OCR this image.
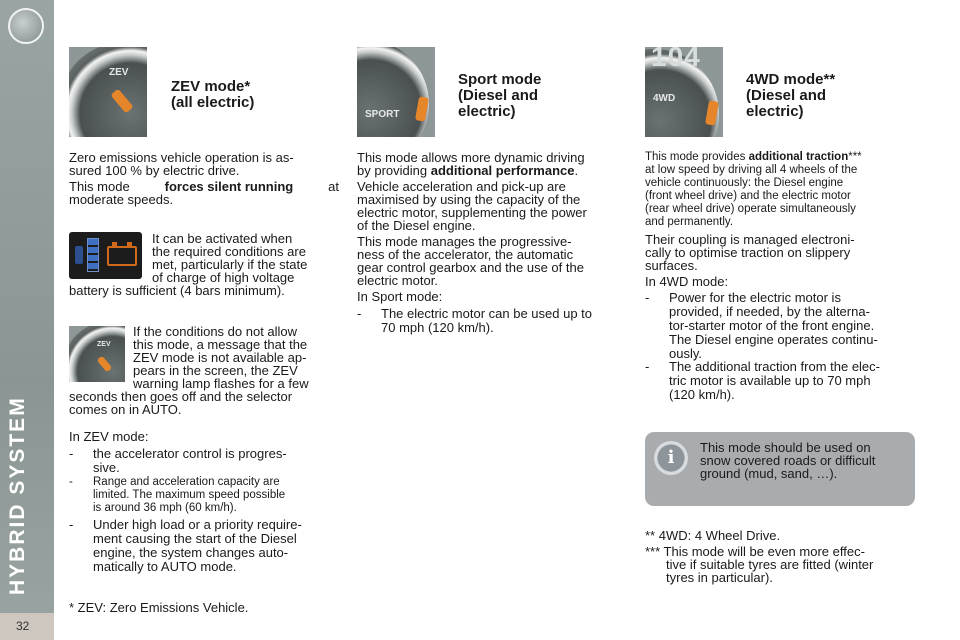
32
ZEV
ZEV mode*
(all electric)
Zero emissions vehicle operation is as-
sured 100 % by electric drive.
This mode	forces silent running	at
moderate speeds.
It can be activated when
the required conditions are
met, particularly if the state
of charge of high voltage
battery is sufficient (4 bars minimum).
ZEV
If the conditions do not allow
this mode, a message that the
ZEV mode is not available ap-
pears in the screen, the ZEV
warning lamp flashes for a few
seconds then goes off and the selector
comes on in AUTO.
In ZEV mode:
-	the accelerator control is progres-
sive.
-	Range and acceleration capacity are
limited. The maximum speed possible
is around 36 mph (60 km/h).
-	Under high load or a priority require-
ment causing the start of the Diesel
engine, the system changes auto-
matically to AUTO mode.
* ZEV: Zero Emissions Vehicle.
SPORT
Sport mode
(Diesel and
electric)
This mode allows more dynamic driving
by providing additional performance.
Vehicle acceleration and pick-up are
maximised by using the capacity of the
electric motor, supplementing the power
of the Diesel engine.
This mode manages the progressive-
ness of the accelerator, the automatic
gear control gearbox and the use of the
electric motor.
In Sport mode:
-	The electric motor can be used up to
70 mph (120 km/h).
104
4WD
4WD mode**
(Diesel and
electric)
This mode provides additional traction***
at low speed by driving all 4 wheels of the
vehicle continuously: the Diesel engine
(front wheel drive) and the electric motor
(rear wheel drive) operate simultaneously
and permanently.
Their coupling is managed electroni-
cally to optimise traction on slippery
surfaces.
In 4WD mode:
-	Power for the electric motor is
provided, if needed, by the alterna-
tor-starter motor of the front engine.
The Diesel engine operates continu-
ously.
-	The additional traction from the elec-
tric motor is available up to 70 mph
(120 km/h).
i	This mode should be used on
snow covered roads or difficult
ground (mud, sand, …).
** 4WD: 4 Wheel Drive.
*** This mode will be even more effec-
tive if suitable tyres are fitted (winter
tyres in particular).
